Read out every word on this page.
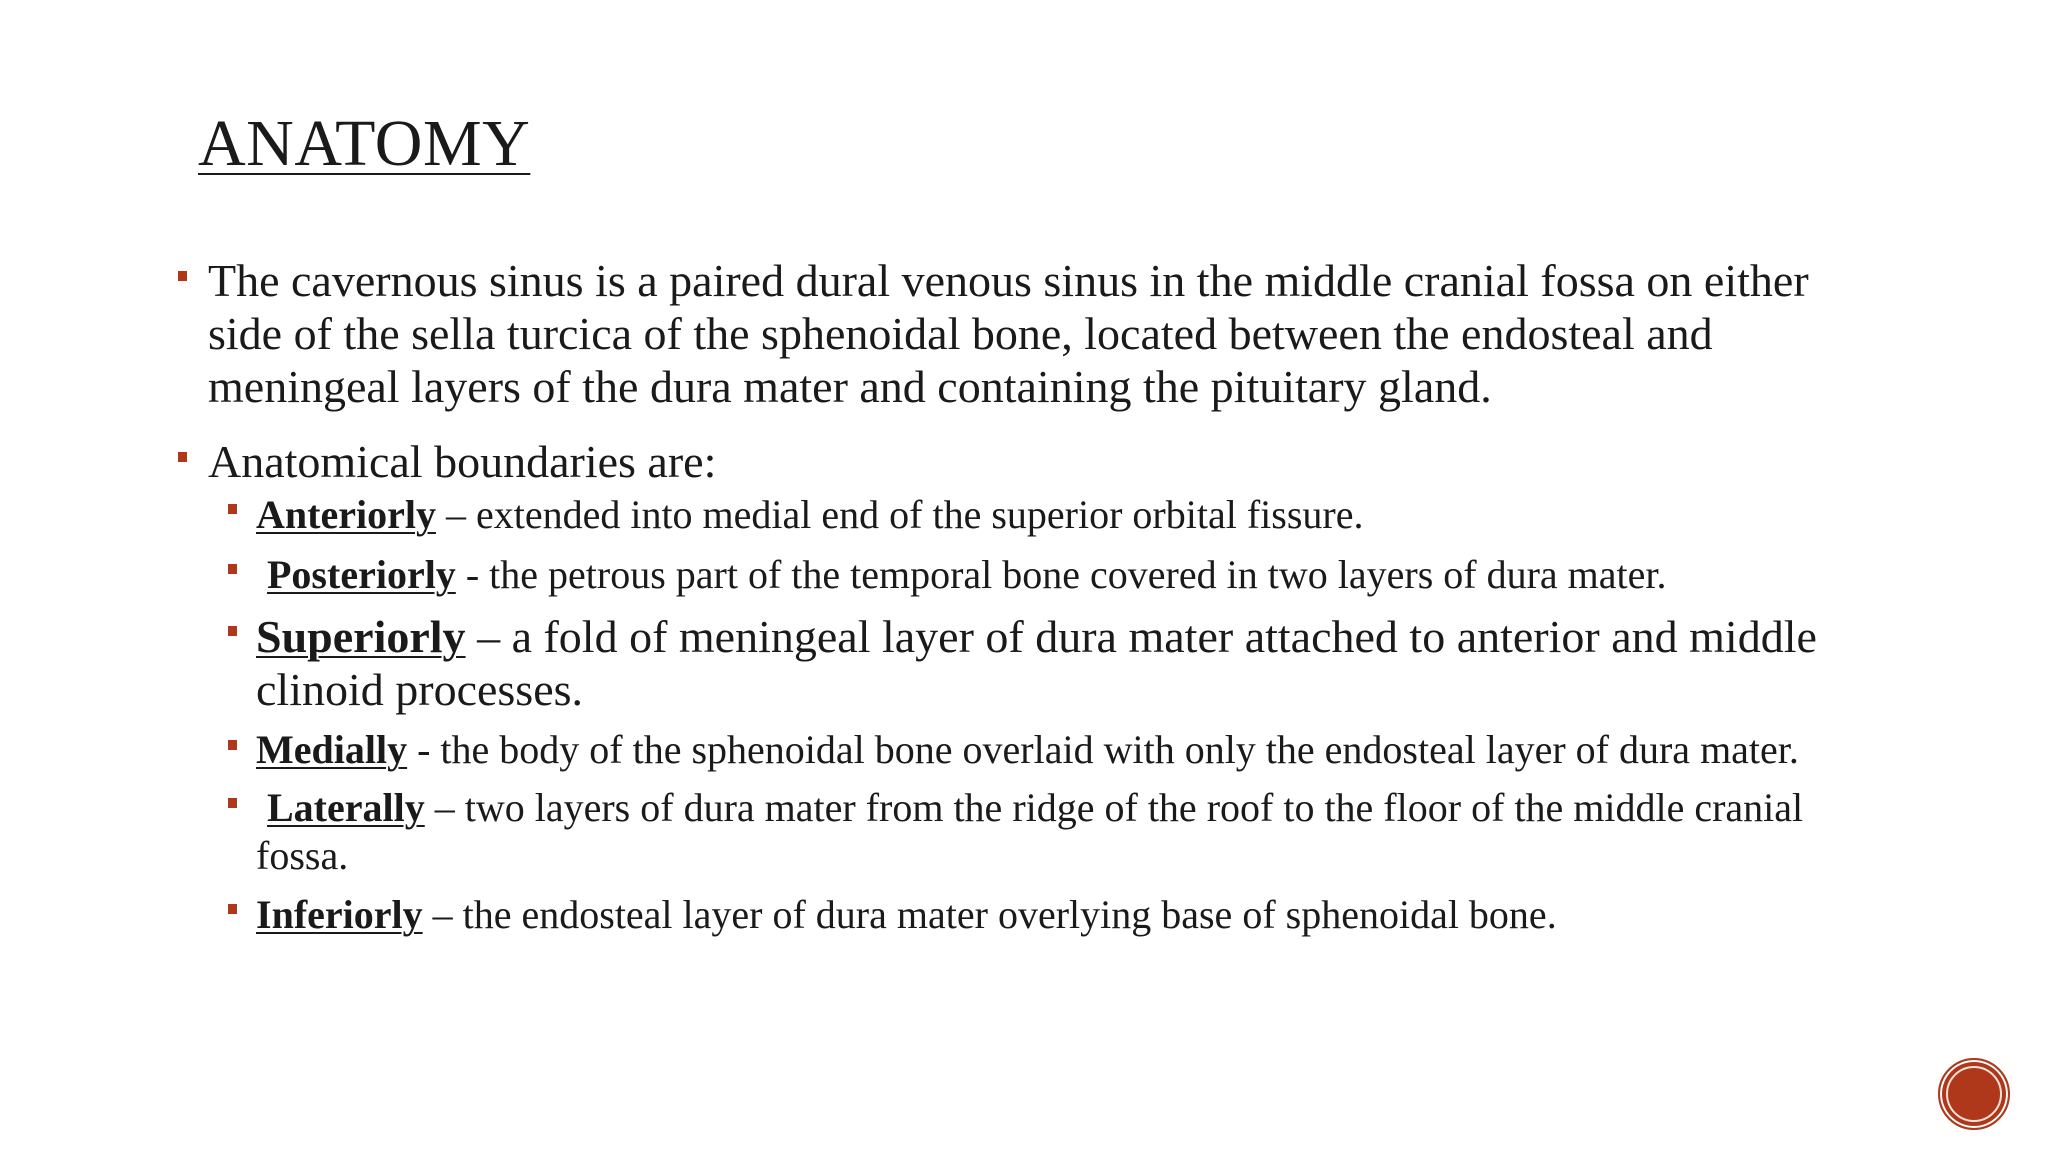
ANATOMY
The cavernous sinus is a paired dural venous sinus in the middle cranial fossa on either side of the sella turcica of the sphenoidal bone, located between the endosteal and meningeal layers of the dura mater and containing the pituitary gland.
Anatomical boundaries are:
Anteriorly – extended into medial end of the superior orbital fissure.
Posteriorly - the petrous part of the temporal bone covered in two layers of dura mater.
Superiorly – a fold of meningeal layer of dura mater attached to anterior and middle clinoid processes.
Medially - the body of the sphenoidal bone overlaid with only the endosteal layer of dura mater.
Laterally – two layers of dura mater from the ridge of the roof to the floor of the middle cranial fossa.
Inferiorly – the endosteal layer of dura mater overlying base of sphenoidal bone.
